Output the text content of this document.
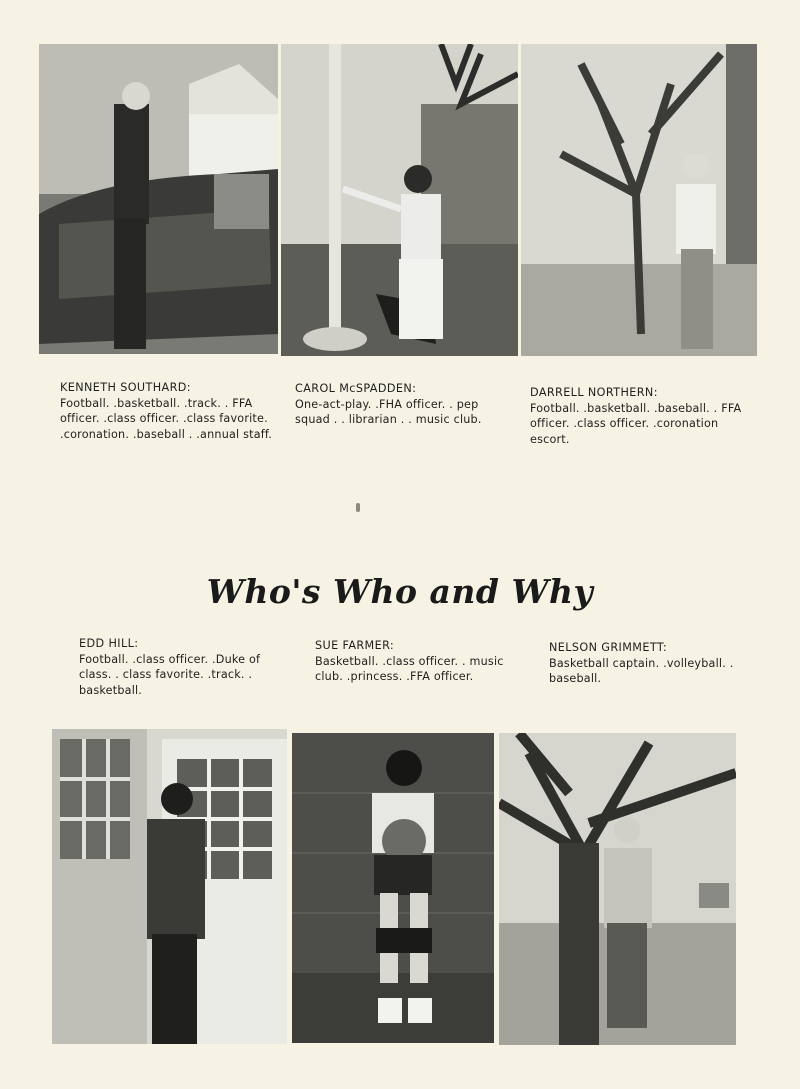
KENNETH SOUTHARD:
Football. .basketball. .track. . FFA officer. .class officer. .class favorite. .coronation. .baseball . .annual staff.
CAROL McSPADDEN:
One-act-play. .FHA officer. . pep squad . . librarian . . music club.
DARRELL NORTHERN:
Football. .basketball. .baseball. . FFA officer. .class officer. .coronation escort.
Who's Who and Why
EDD HILL:
Football. .class officer. .Duke of class. . class favorite. .track. . basketball.
SUE FARMER:
Basketball. .class officer. . music club. .princess. .FFA officer.
NELSON GRIMMETT:
Basketball captain. .volleyball. . baseball.
